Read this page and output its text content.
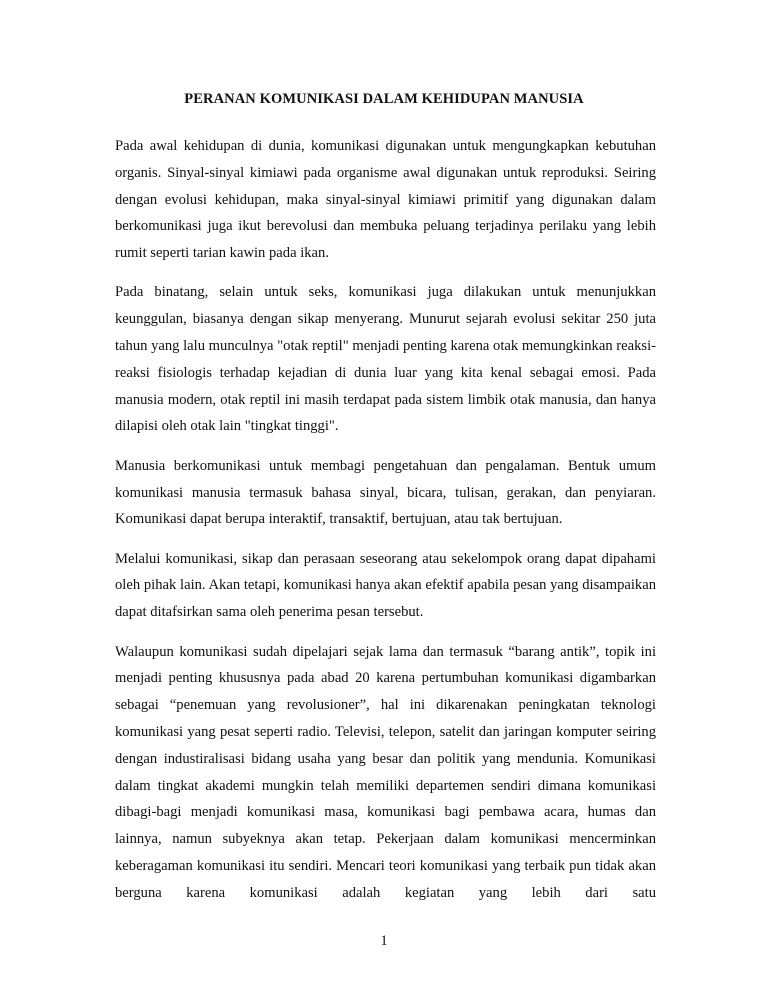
PERANAN KOMUNIKASI DALAM KEHIDUPAN MANUSIA

Pada awal kehidupan di dunia, komunikasi digunakan untuk mengungkapkan kebutuhan organis. Sinyal-sinyal kimiawi pada organisme awal digunakan untuk reproduksi. Seiring dengan evolusi kehidupan, maka sinyal-sinyal kimiawi primitif yang digunakan dalam berkomunikasi juga ikut berevolusi dan membuka peluang terjadinya perilaku yang lebih rumit seperti tarian kawin pada ikan.

Pada binatang, selain untuk seks, komunikasi juga dilakukan untuk menunjukkan keunggulan, biasanya dengan sikap menyerang. Munurut sejarah evolusi sekitar 250 juta tahun yang lalu munculnya "otak reptil" menjadi penting karena otak memungkinkan reaksi-reaksi fisiologis terhadap kejadian di dunia luar yang kita kenal sebagai emosi. Pada manusia modern, otak reptil ini masih terdapat pada sistem limbik otak manusia, dan hanya dilapisi oleh otak lain "tingkat tinggi".

Manusia berkomunikasi untuk membagi pengetahuan dan pengalaman. Bentuk umum komunikasi manusia termasuk bahasa sinyal, bicara, tulisan, gerakan, dan penyiaran. Komunikasi dapat berupa interaktif, transaktif, bertujuan, atau tak bertujuan.

Melalui komunikasi, sikap dan perasaan seseorang atau sekelompok orang dapat dipahami oleh pihak lain. Akan tetapi, komunikasi hanya akan efektif apabila pesan yang disampaikan dapat ditafsirkan sama oleh penerima pesan tersebut.

Walaupun komunikasi sudah dipelajari sejak lama dan termasuk “barang antik”, topik ini menjadi penting khususnya pada abad 20 karena pertumbuhan komunikasi digambarkan sebagai “penemuan yang revolusioner”, hal ini dikarenakan peningkatan teknologi komunikasi yang pesat seperti radio. Televisi, telepon, satelit dan jaringan komputer seiring dengan industiralisasi bidang usaha yang besar dan politik yang mendunia. Komunikasi dalam tingkat akademi mungkin telah memiliki departemen sendiri dimana komunikasi dibagi-bagi menjadi komunikasi masa, komunikasi bagi pembawa acara, humas dan lainnya, namun subyeknya akan tetap. Pekerjaan dalam komunikasi mencerminkan keberagaman komunikasi itu sendiri. Mencari teori komunikasi yang terbaik pun tidak akan berguna karena komunikasi adalah kegiatan yang lebih dari satu

1
